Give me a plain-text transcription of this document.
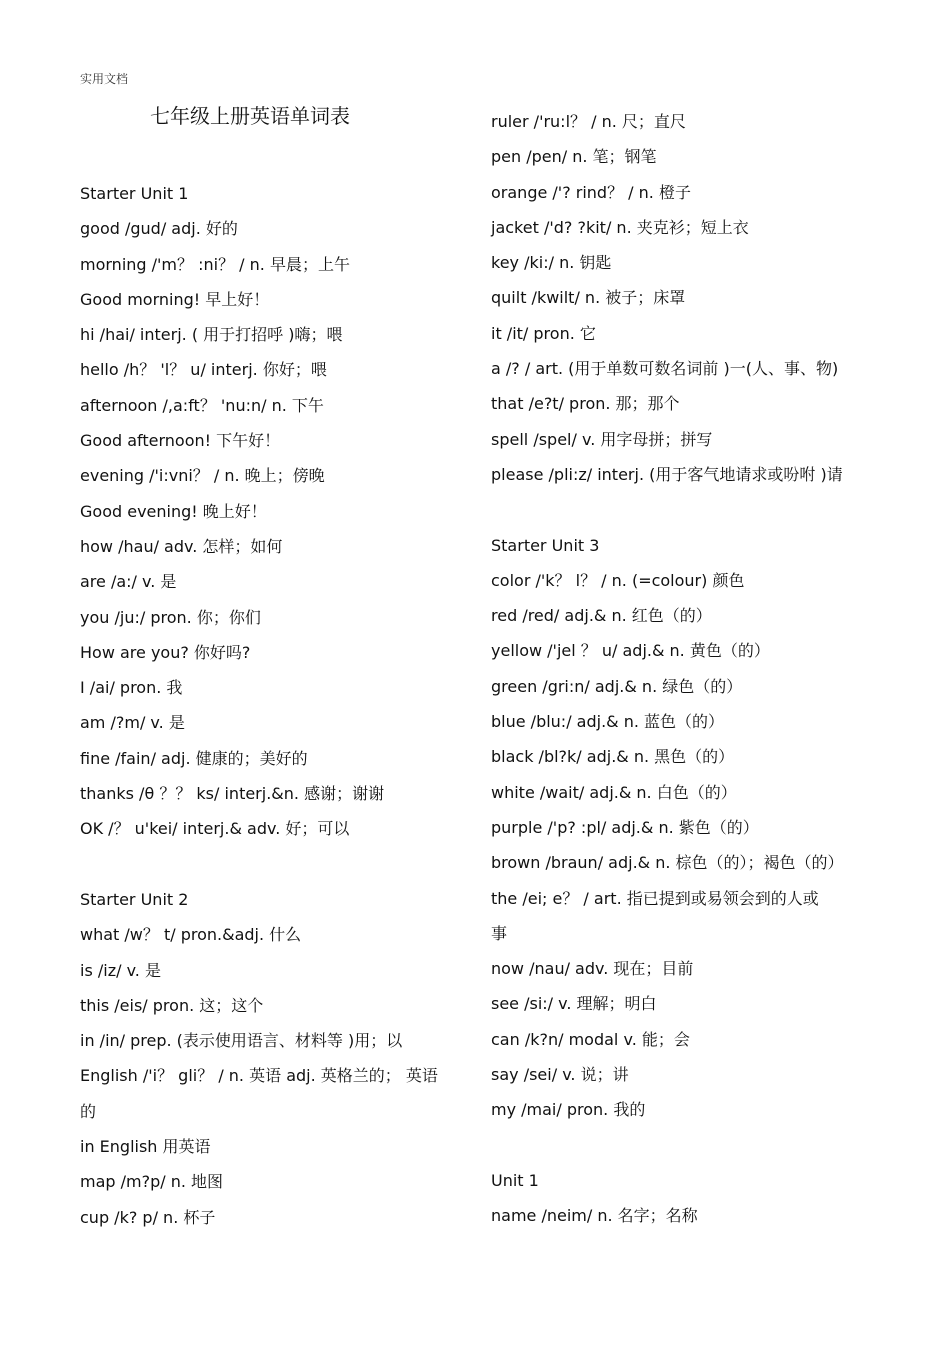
实用文档
七年级上册英语单词表
Starter Unit 1
good /gud/ adj. 好的
morning /'m？ :ni？ / n. 早晨；上午
Good morning! 早上好！
hi /hai/ interj. ( 用于打招呼 )嗨；喂
hello /h？ 'l？ u/ interj. 你好；喂
afternoon /,a:ft？ 'nu:n/ n. 下午
Good afternoon! 下午好！
evening /'i:vni？ / n. 晚上；傍晚
Good evening! 晚上好！
how /hau/ adv. 怎样；如何
are /a:/ v. 是
you /ju:/ pron. 你；你们
How are you? 你好吗?
I /ai/ pron. 我
am /?m/ v. 是
fine /fain/ adj. 健康的；美好的
thanks /θ ？？ ks/ interj.&n. 感谢；谢谢
OK /？ u'kei/ interj.& adv. 好；可以
Starter Unit 2
what /w？ t/ pron.&adj. 什么
is /iz/ v. 是
this /eis/ pron. 这；这个
in /in/ prep. (表示使用语言、材料等 )用；以
English /'i？ gli？ / n. 英语 adj. 英格兰的； 英语
的
in English 用英语
map /m?p/ n. 地图
cup /k? p/ n. 杯子
ruler /'ru:l？ / n. 尺；直尺
pen /pen/ n. 笔；钢笔
orange /'? rind？ / n. 橙子
jacket /'d? ?kit/ n. 夹克衫；短上衣
key /ki:/ n. 钥匙
quilt /kwilt/ n. 被子；床罩
it /it/ pron. 它
a /? / art. (用于单数可数名词前 )一(人、事、物)
that /e?t/ pron. 那；那个
spell /spel/ v. 用字母拼；拼写
please /pli:z/ interj. (用于客气地请求或吩咐 )请
Starter Unit 3
color /'k？ l？ / n. (=colour) 颜色
red /red/ adj.& n. 红色（的）
yellow /'jel ？ u/ adj.& n. 黄色（的）
green /gri:n/ adj.& n. 绿色（的）
blue /blu:/ adj.& n. 蓝色（的）
black /bl?k/ adj.& n. 黑色（的）
white /wait/ adj.& n. 白色（的）
purple /'p? :pl/ adj.& n. 紫色（的）
brown /braun/ adj.& n. 棕色（的）；褐色（的）
the /ei; e？ / art. 指已提到或易领会到的人或
事
now /nau/ adv. 现在；目前
see /si:/ v. 理解；明白
can /k?n/ modal v. 能；会
say /sei/ v. 说；讲
my /mai/ pron. 我的
Unit 1
name /neim/ n. 名字；名称
